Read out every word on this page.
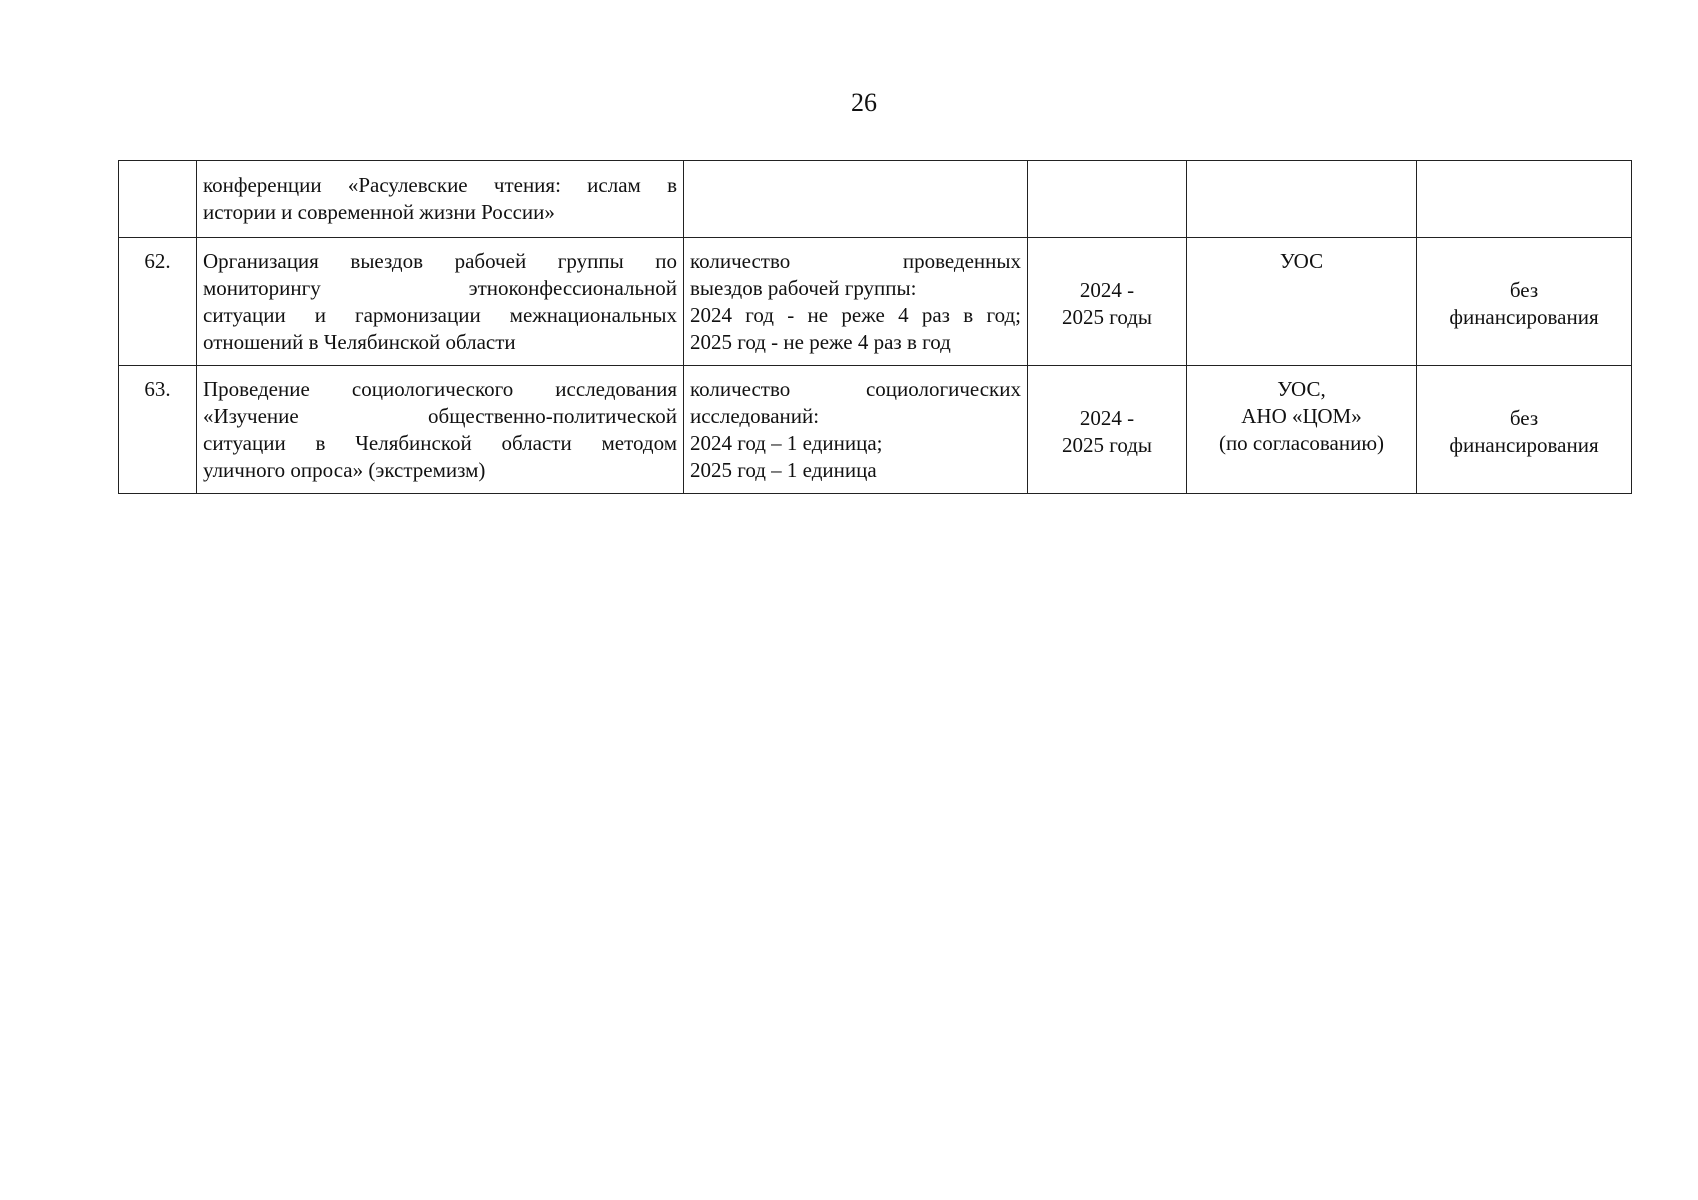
26

	конференции «Расулевские чтения: ислам в
истории и современной жизни России»				

62.	Организация выездов рабочей группы по
мониторингу этноконфессиональной
ситуации и гармонизации межнациональных
отношений в Челябинской области	количество проведенных
выездов рабочей группы:
2024 год - не реже 4 раз в год;
2025 год - не реже 4 раз в год	2024 -
2025 годы	УОС	без
финансирования

63.	Проведение социологического исследования
«Изучение общественно-политической
ситуации в Челябинской области методом
уличного опроса» (экстремизм)	количество социологических
исследований:
2024 год – 1 единица;
2025 год – 1 единица	2024 -
2025 годы	УОС,
АНО «ЦОМ»
(по согласованию)	без
финансирования
